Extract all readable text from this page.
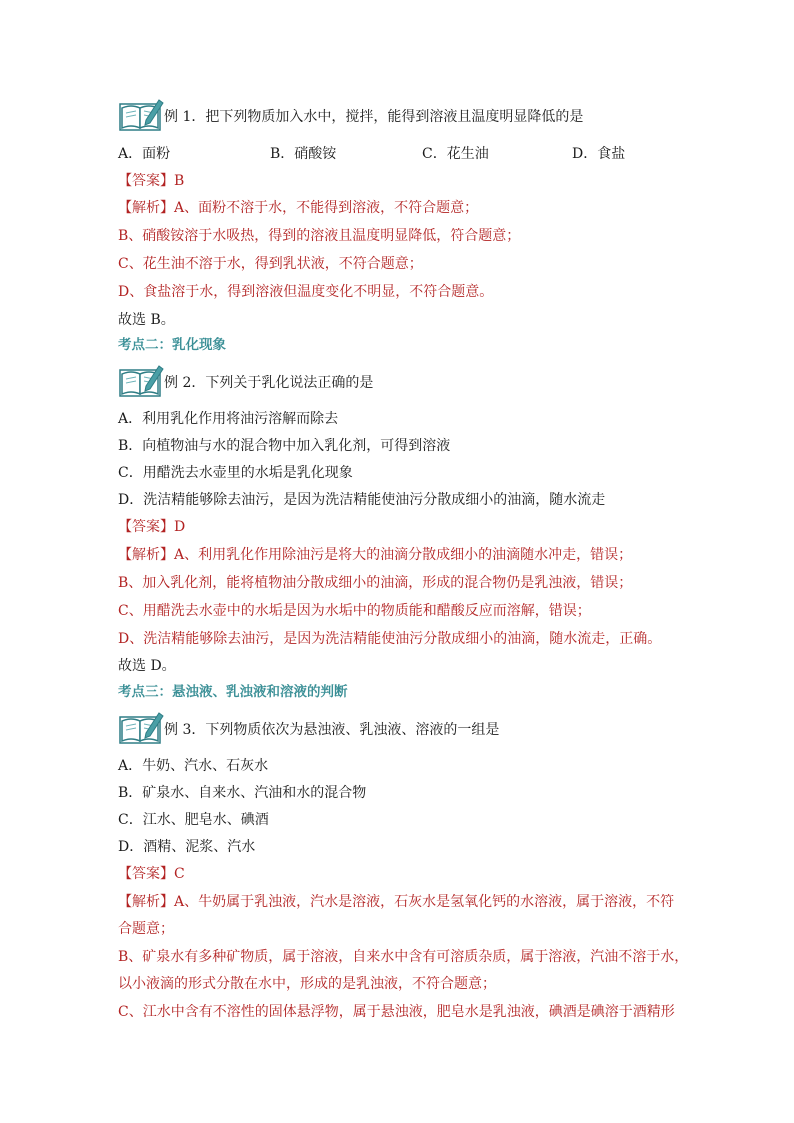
例 1．把下列物质加入水中，搅拌，能得到溶液且温度明显降低的是
A．面粉	B．硝酸铵	C．花生油	D．食盐
【答案】B
【解析】A、面粉不溶于水，不能得到溶液，不符合题意；
B、硝酸铵溶于水吸热，得到的溶液且温度明显降低，符合题意；
C、花生油不溶于水，得到乳状液，不符合题意；
D、食盐溶于水，得到溶液但温度变化不明显，不符合题意。
故选 B。
考点二：乳化现象
例 2．下列关于乳化说法正确的是
A．利用乳化作用将油污溶解而除去
B．向植物油与水的混合物中加入乳化剂，可得到溶液
C．用醋洗去水壶里的水垢是乳化现象
D．洗洁精能够除去油污，是因为洗洁精能使油污分散成细小的油滴，随水流走
【答案】D
【解析】A、利用乳化作用除油污是将大的油滴分散成细小的油滴随水冲走，错误；
B、加入乳化剂，能将植物油分散成细小的油滴，形成的混合物仍是乳浊液，错误；
C、用醋洗去水壶中的水垢是因为水垢中的物质能和醋酸反应而溶解，错误；
D、洗洁精能够除去油污，是因为洗洁精能使油污分散成细小的油滴，随水流走，正确。
故选 D。
考点三：悬浊液、乳浊液和溶液的判断
例 3．下列物质依次为悬浊液、乳浊液、溶液的一组是
A．牛奶、汽水、石灰水
B．矿泉水、自来水、汽油和水的混合物
C．江水、肥皂水、碘酒
D．酒精、泥浆、汽水
【答案】C
【解析】A、牛奶属于乳浊液，汽水是溶液，石灰水是氢氧化钙的水溶液，属于溶液，不符
合题意；
B、矿泉水有多种矿物质，属于溶液，自来水中含有可溶质杂质，属于溶液，汽油不溶于水，
以小液滴的形式分散在水中，形成的是乳浊液，不符合题意；
C、江水中含有不溶性的固体悬浮物，属于悬浊液，肥皂水是乳浊液，碘酒是碘溶于酒精形
